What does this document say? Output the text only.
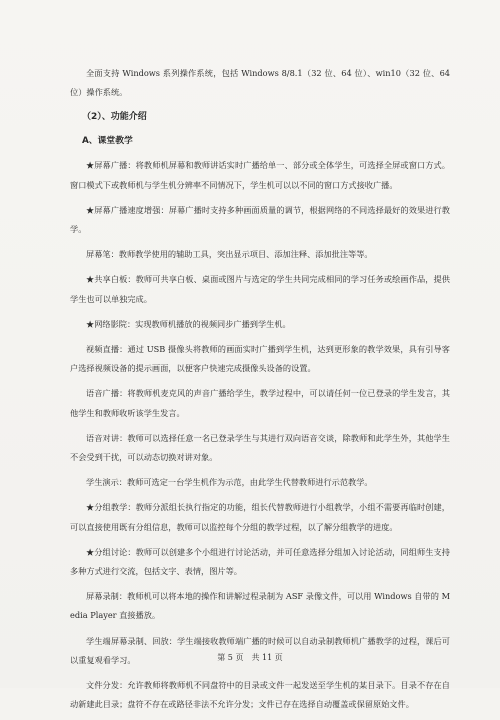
全面支持 Windows 系列操作系统，包括 Windows 8/8.1（32 位、64 位）、win10（32 位、64 位）操作系统。

（2）、功能介绍
A、课堂教学

★屏幕广播：将教师机屏幕和教师讲话实时广播给单一、部分或全体学生，可选择全屏或窗口方式。窗口模式下或教师机与学生机分辨率不同情况下，学生机可以以不同的窗口方式接收广播。

★屏幕广播速度增强：屏幕广播时支持多种画面质量的调节，根据网络的不同选择最好的效果进行教学。

屏幕笔：教师教学使用的辅助工具，突出显示项目、添加注释、添加批注等等。

★共享白板：教师可共享白板、桌面或图片与选定的学生共同完成相同的学习任务或绘画作品，提供学生也可以单独完成。

★网络影院：实现教师机播放的视频同步广播到学生机。

视频直播：通过 USB 摄像头将教师的画面实时广播到学生机，达到更形象的教学效果，具有引导客户选择视频设备的提示画面，以便客户快速完成摄像头设备的设置。

语音广播：将教师机麦克风的声音广播给学生，教学过程中，可以请任何一位已登录的学生发言，其他学生和教师收听该学生发言。

语音对讲：教师可以选择任意一名已登录学生与其进行双向语音交谈，除教师和此学生外，其他学生不会受到干扰，可以动态切换对讲对象。

学生演示：教师可选定一台学生机作为示范，由此学生代替教师进行示范教学。

★分组教学：教师分派组长执行指定的功能，组长代替教师进行小组教学，小组不需要再临时创建，可以直接使用既有分组信息，教师可以监控每个分组的教学过程，以了解分组教学的进度。

★分组讨论：教师可以创建多个小组进行讨论活动，并可任意选择分组加入讨论活动，同组师生支持多种方式进行交流，包括文字、表情，图片等。

屏幕录制：教师机可以将本地的操作和讲解过程录制为 ASF 录像文件，可以用 Windows 自带的 Media Player 直接播放。

学生端屏幕录制、回放：学生端接收教师端广播的时候可以自动录制教师机广播教学的过程，课后可以重复观看学习。

文件分发：允许教师将教师机不同盘符中的目录或文件一起发送至学生机的某目录下。目录不存在自动新建此目录；盘符不存在或路径非法不允许分发；文件已存在选择自动覆盖或保留原始文件。

第 5 页　共 11 页
